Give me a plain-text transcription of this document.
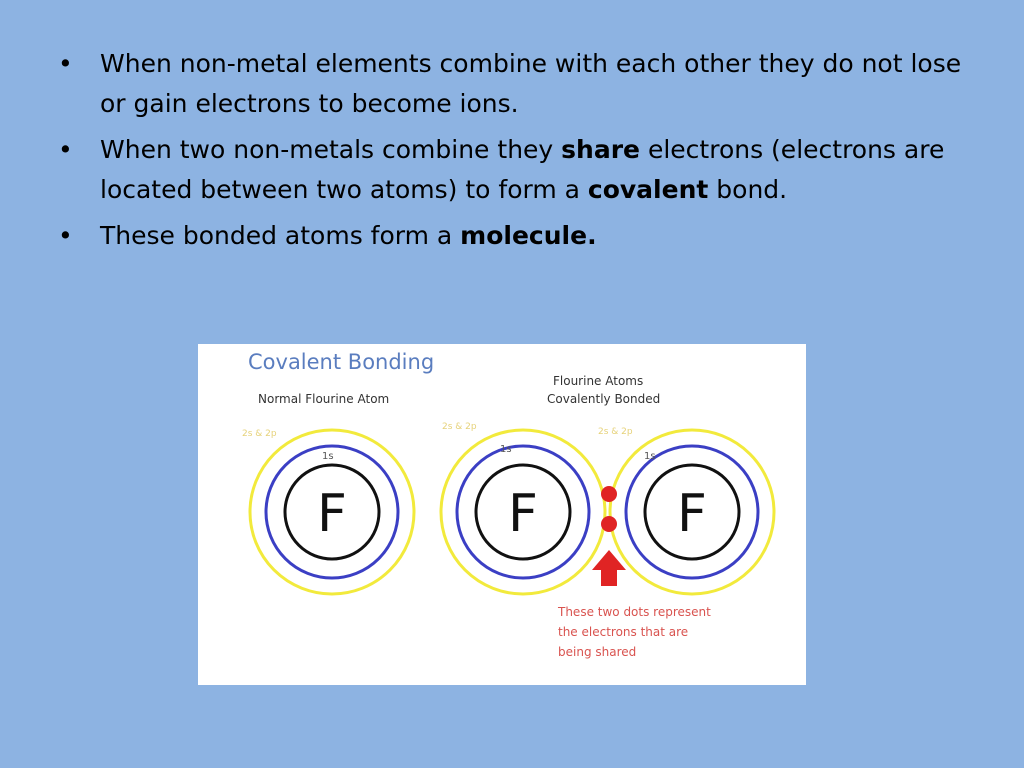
• When non-metal elements combine with each other they do not lose or gain electrons to become ions.
• When two non-metals combine they share electrons (electrons are located between two atoms) to form a covalent bond.
• These bonded atoms form a molecule.
Covalent Bonding
Normal Flourine Atom
Flourine Atoms
Covalently Bonded
F
1s
2s & 2p
F
1s
2s & 2p
F
1s
2s & 2p
These two dots represent
the electrons that are
being shared
